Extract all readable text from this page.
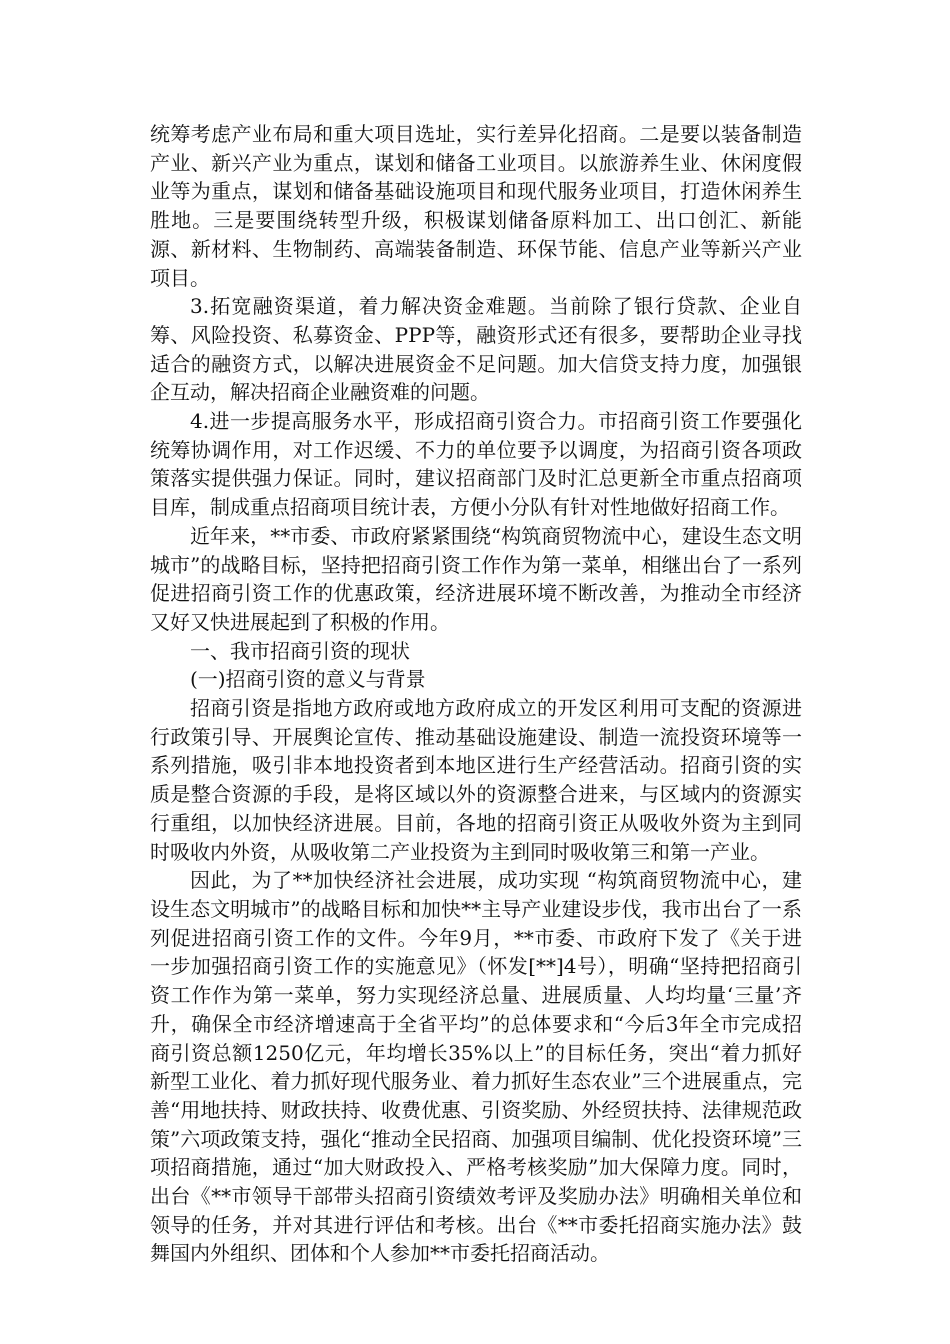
统筹考虑产业布局和重大项目选址，实行差异化招商。二是要以装备制造产业、新兴产业为重点，谋划和储备工业项目。以旅游养生业、休闲度假业等为重点，谋划和储备基础设施项目和现代服务业项目，打造休闲养生胜地。三是要围绕转型升级，积极谋划储备原料加工、出口创汇、新能源、新材料、生物制药、高端装备制造、环保节能、信息产业等新兴产业项目。

3.拓宽融资渠道，着力解决资金难题。当前除了银行贷款、企业自筹、风险投资、私募资金、PPP等，融资形式还有很多，要帮助企业寻找适合的融资方式，以解决进展资金不足问题。加大信贷支持力度，加强银企互动，解决招商企业融资难的问题。

4.进一步提高服务水平，形成招商引资合力。市招商引资工作要强化统筹协调作用，对工作迟缓、不力的单位要予以调度，为招商引资各项政策落实提供强力保证。同时，建议招商部门及时汇总更新全市重点招商项目库，制成重点招商项目统计表，方便小分队有针对性地做好招商工作。

近年来，**市委、市政府紧紧围绕“构筑商贸物流中心，建设生态文明城市”的战略目标，坚持把招商引资工作作为第一菜单，相继出台了一系列促进招商引资工作的优惠政策，经济进展环境不断改善，为推动全市经济又好又快进展起到了积极的作用。

一、我市招商引资的现状

(一)招商引资的意义与背景

招商引资是指地方政府或地方政府成立的开发区利用可支配的资源进行政策引导、开展舆论宣传、推动基础设施建设、制造一流投资环境等一系列措施，吸引非本地投资者到本地区进行生产经营活动。招商引资的实质是整合资源的手段，是将区域以外的资源整合进来，与区域内的资源实行重组，以加快经济进展。目前，各地的招商引资正从吸收外资为主到同时吸收内外资，从吸收第二产业投资为主到同时吸收第三和第一产业。

因此，为了**加快经济社会进展，成功实现 “构筑商贸物流中心，建设生态文明城市”的战略目标和加快**主导产业建设步伐，我市出台了一系列促进招商引资工作的文件。今年9月，**市委、市政府下发了《关于进一步加强招商引资工作的实施意见》（怀发[**]4号），明确“坚持把招商引资工作作为第一菜单，努力实现经济总量、进展质量、人均均量‘三量’齐升，确保全市经济增速高于全省平均”的总体要求和“今后3年全市完成招商引资总额1250亿元，年均增长35%以上”的目标任务，突出“着力抓好新型工业化、着力抓好现代服务业、着力抓好生态农业”三个进展重点，完善“用地扶持、财政扶持、收费优惠、引资奖励、外经贸扶持、法律规范政策”六项政策支持，强化“推动全民招商、加强项目编制、优化投资环境”三项招商措施，通过“加大财政投入、严格考核奖励”加大保障力度。同时，出台《**市领导干部带头招商引资绩效考评及奖励办法》明确相关单位和领导的任务，并对其进行评估和考核。出台《**市委托招商实施办法》鼓舞国内外组织、团体和个人参加**市委托招商活动。
